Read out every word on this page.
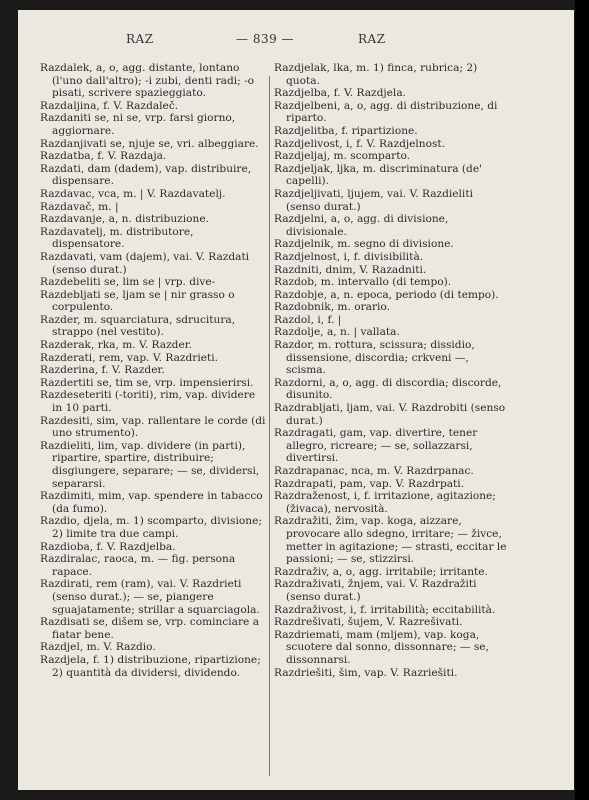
RAZ	— 839 —	RAZ

Razdalek, a, o, agg. distante, lontano (l'uno dall'altro); -i zubi, denti radi; -o pisati, scrivere spazieggiato.

Razdaljina, f. V. Razdaleč.

Razdaniti se, ni se, vrp. farsi giorno, aggiornare.

Razdanjivati se, njuje se, vri. albeggiare.

Razdatba, f. V. Razdaja.

Razdati, dam (dadem), vap. distribuire, dispensare.

Razdavac, vca, m. | V. Razdavatelj.

Razdavač, m. |

Razdavanje, a, n. distribuzione.

Razdavatelj, m. distributore, dispensatore.

Razdavati, vam (dajem), vai. V. Razdati (senso durat.)

Razdebeliti se, lim se | vrp. dive-

Razdebljati se, ljam se | nir grasso o corpulento.

Razder, m. squarciatura, sdrucitura, strappo (nel vestito).

Razderak, rka, m. V. Razder.

Razderati, rem, vap. V. Razdrieti.

Razderina, f. V. Razder.

Razdertiti se, tim se, vrp. impensierirsi.

Razdeseteriti (-toriti), rim, vap. dividere in 10 parti.

Razdesiti, sim, vap. rallentare le corde (di uno strumento).

Razdieliti, lim, vap. dividere (in parti), ripartire, spartire, distribuire; disgiungere, separare; — se, dividersi, separarsi.

Razdimiti, mim, vap. spendere in tabacco (da fumo).

Razdio, djela, m. 1) scomparto, divisione; 2) limite tra due campi.

Razdioba, f. V. Razdjelba.

Razdiralac, raoca, m. — fig. persona rapace.

Razdirati, rem (ram), vai. V. Razdrieti (senso durat.); — se, piangere sguajatamente; strillar a squarciagola.

Razdisati se, dišem se, vrp. cominciare a fiatar bene.

Razdjel, m. V. Razdio.

Razdjela, f. 1) distribuzione, ripartizione; 2) quantità da dividersi, dividendo.

Razdjelak, lka, m. 1) finca, rubrica; 2) quota.

Razdjelba, f. V. Razdjela.

Razdjelbeni, a, o, agg. di distribuzione, di riparto.

Razdjelitba, f. ripartizione.

Razdjelivost, i, f. V. Razdjelnost.

Razdjeljaj, m. scomparto.

Razdjeljak, ljka, m. discriminatura (de' capelli).

Razdjeljivati, ljujem, vai. V. Razdieliti (senso durat.)

Razdjelni, a, o, agg. di divisione, divisionale.

Razdjelnik, m. segno di divisione.

Razdjelnost, i, f. divisibilità.

Razdniti, dnim, V. Razadniti.

Razdob, m. intervallo (di tempo).

Razdobje, a, n. epoca, periodo (di tempo).

Razdobnik, m. orario.

Razdol, i, f. |

Razdolje, a, n. | vallata.

Razdor, m. rottura, scissura; dissidio, dissensione, discordia; crkveni —, scisma.

Razdorni, a, o, agg. di discordia; discorde, disunito.

Razdrabljati, ljam, vai. V. Razdrobiti (senso durat.)

Razdragati, gam, vap. divertire, tener allegro, ricreare; — se, sollazzarsi, divertirsi.

Razdrapanac, nca, m. V. Razdrpanac.

Razdrapati, pam, vap. V. Razdrpati.

Razdraženost, i, f. irritazione, agitazione; (živaca), nervosità.

Razdražiti, žim, vap. koga, aizzare, provocare allo sdegno, irritare; — živce, metter in agitazione; — strasti, eccitar le passioni; — se, stizzirsi.

Razdraživ, a, o, agg. irritabile; irritante.

Razdraživati, žnjem, vai. V. Razdražiti (senso durat.)

Razdraživost, i, f. irritabilità; eccitabilità.

Razdrešivati, šujem, V. Razrešivati.

Razdriemati, mam (mljem), vap. koga, scuotere dal sonno, dissonnare; — se, dissonnarsi.

Razdriešiti, šim, vap. V. Razriešiti.
